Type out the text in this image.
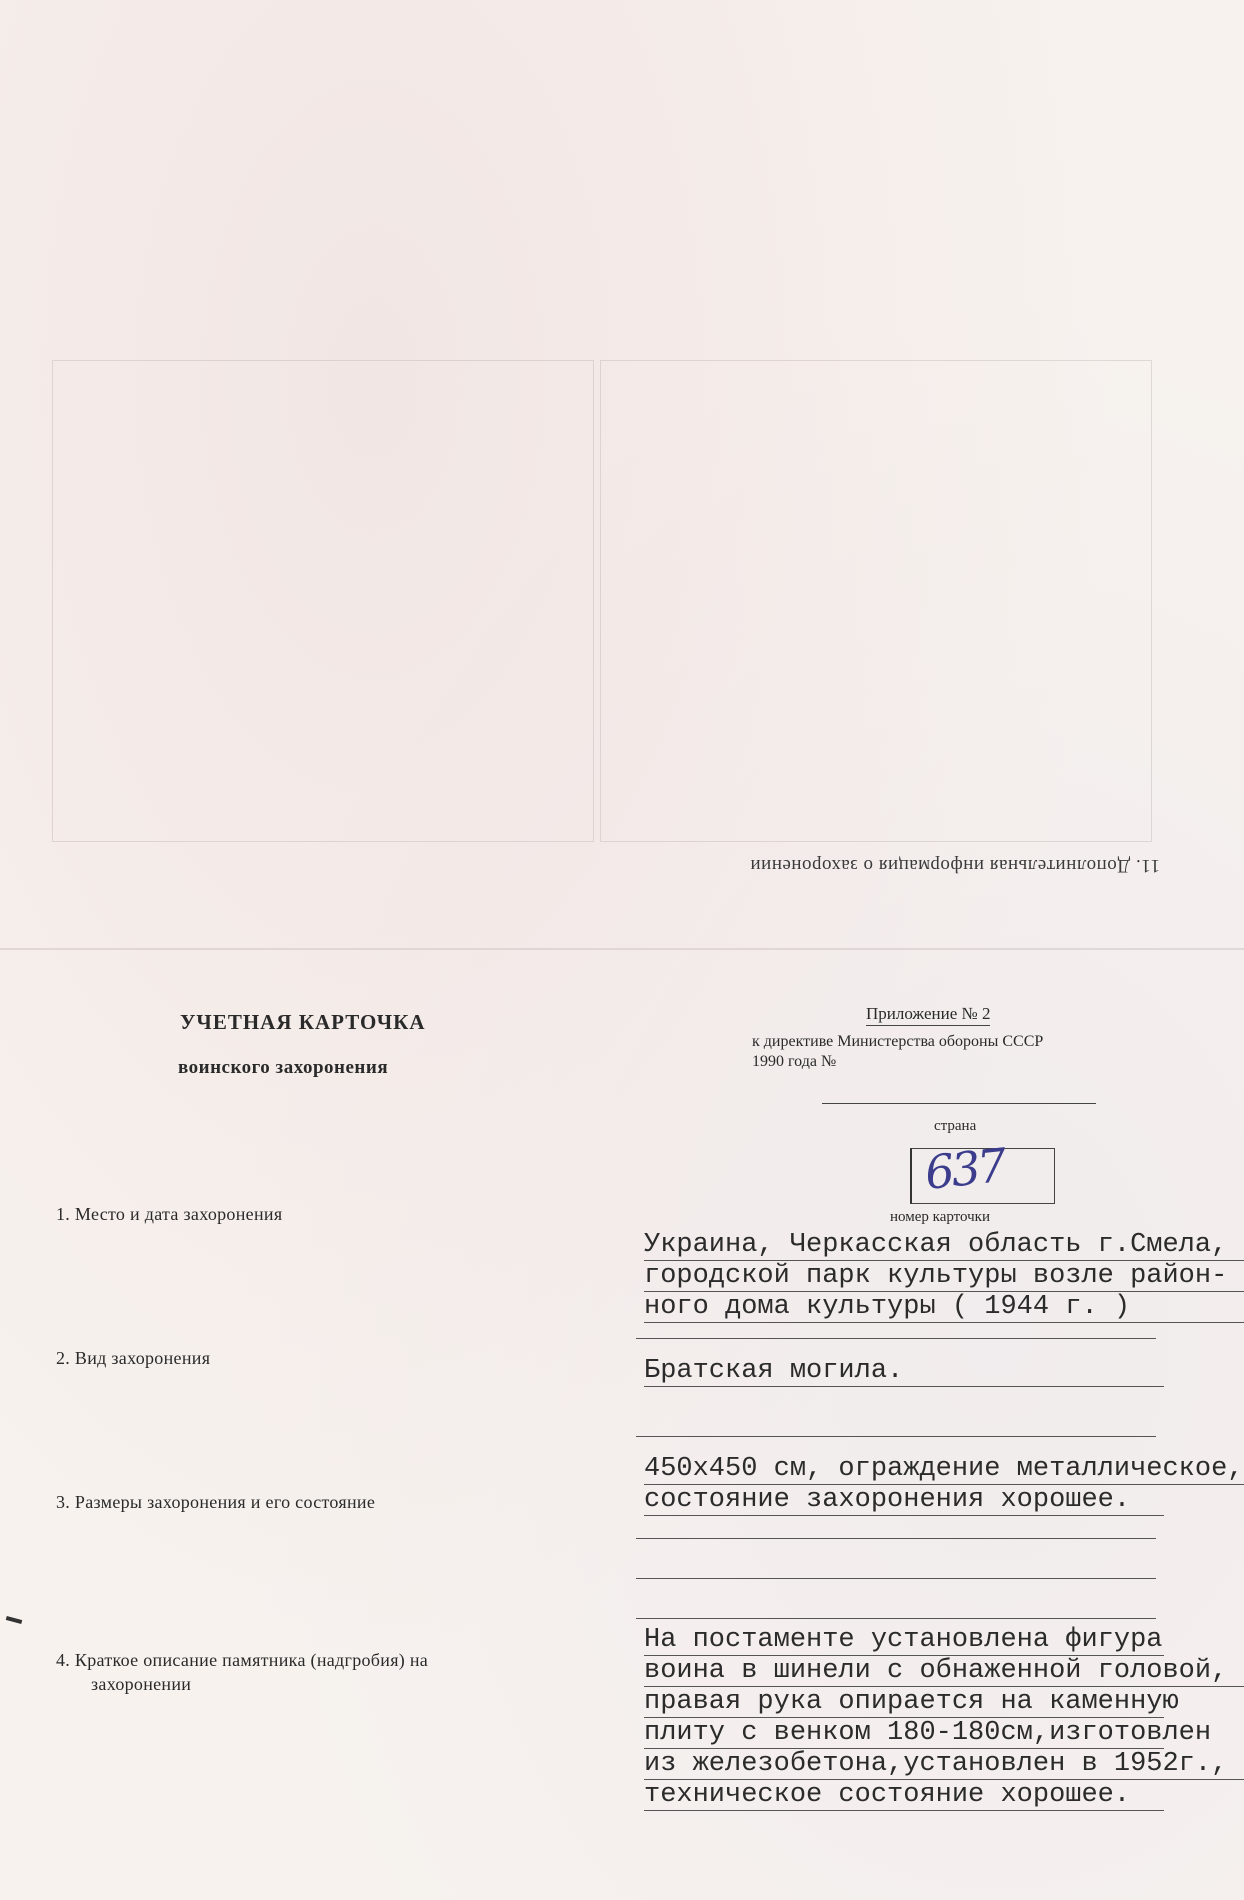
11. Дополнительная информация о захоронении
УЧЕТНАЯ КАРТОЧКА
воинского захоронения
Приложение № 2
к директиве Министерства обороны СССР
1990 года №
страна
637
номер карточки
1. Место и дата захоронения
Украина, Черкасская область г.Смела,
городской парк культуры возле район-
ного дома культуры ( 1944 г. )
2. Вид захоронения	Братская могила.
3. Размеры захоронения и его состояние
450x450 см, ограждение металлическое,
состояние захоронения хорошее.
4. Краткое описание памятника (надгробия) на
захоронении
На постаменте установлена фигура
воина в шинели с обнаженной головой,
правая рука опирается на каменную
плиту с венком 180-180см,изготовлен
из железобетона,установлен в 1952г.,
техническое состояние хорошее.
